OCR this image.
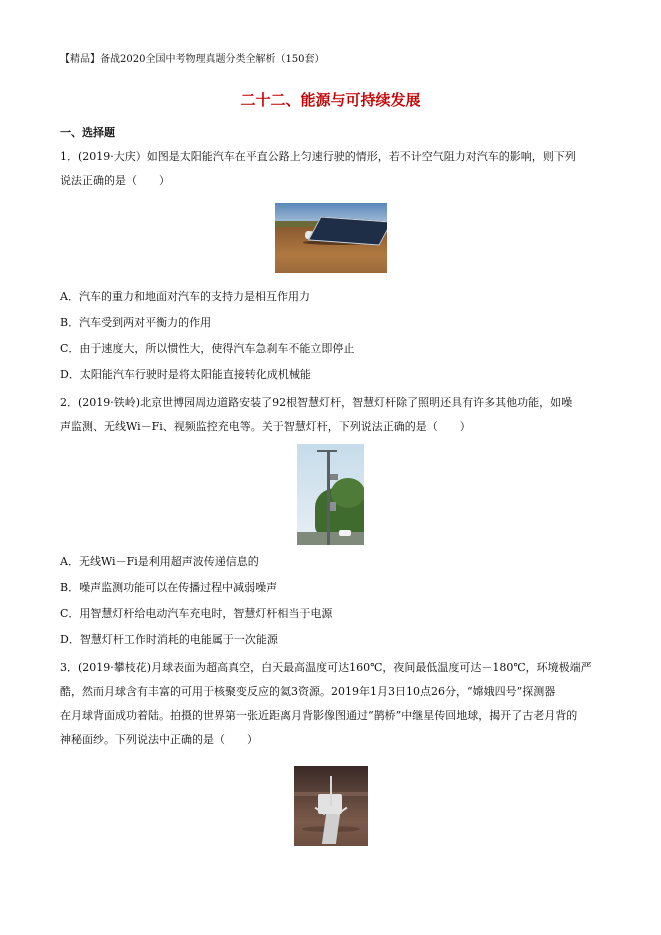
【精品】备战2020全国中考物理真题分类全解析（150套）
二十二、能源与可持续发展
一、选择题
1．(2019·大庆）如图是太阳能汽车在平直公路上匀速行驶的情形，若不计空气阻力对汽车的影响，则下列
说法正确的是（　　）
A．汽车的重力和地面对汽车的支持力是相互作用力
B．汽车受到两对平衡力的作用
C．由于速度大，所以惯性大，使得汽车急刹车不能立即停止
D．太阳能汽车行驶时是将太阳能直接转化成机械能
2．(2019·铁岭)北京世博园周边道路安装了92根智慧灯杆，智慧灯杆除了照明还具有许多其他功能，如噪
声监测、无线Wi－Fi、视频监控充电等。关于智慧灯杆，下列说法正确的是（　　）
A．无线Wi－Fi是利用超声波传递信息的
B．噪声监测功能可以在传播过程中减弱噪声
C．用智慧灯杆给电动汽车充电时，智慧灯杆相当于电源
D．智慧灯杆工作时消耗的电能属于一次能源
3．(2019·攀枝花)月球表面为超高真空，白天最高温度可达160℃，夜间最低温度可达－180℃，环境极端严
酷，然而月球含有丰富的可用于核聚变反应的氦3资源。2019年1月3日10点26分，“嫦娥四号”探测器
在月球背面成功着陆。拍摄的世界第一张近距离月背影像图通过“鹊桥”中继星传回地球，揭开了古老月背的
神秘面纱。下列说法中正确的是（　　）
